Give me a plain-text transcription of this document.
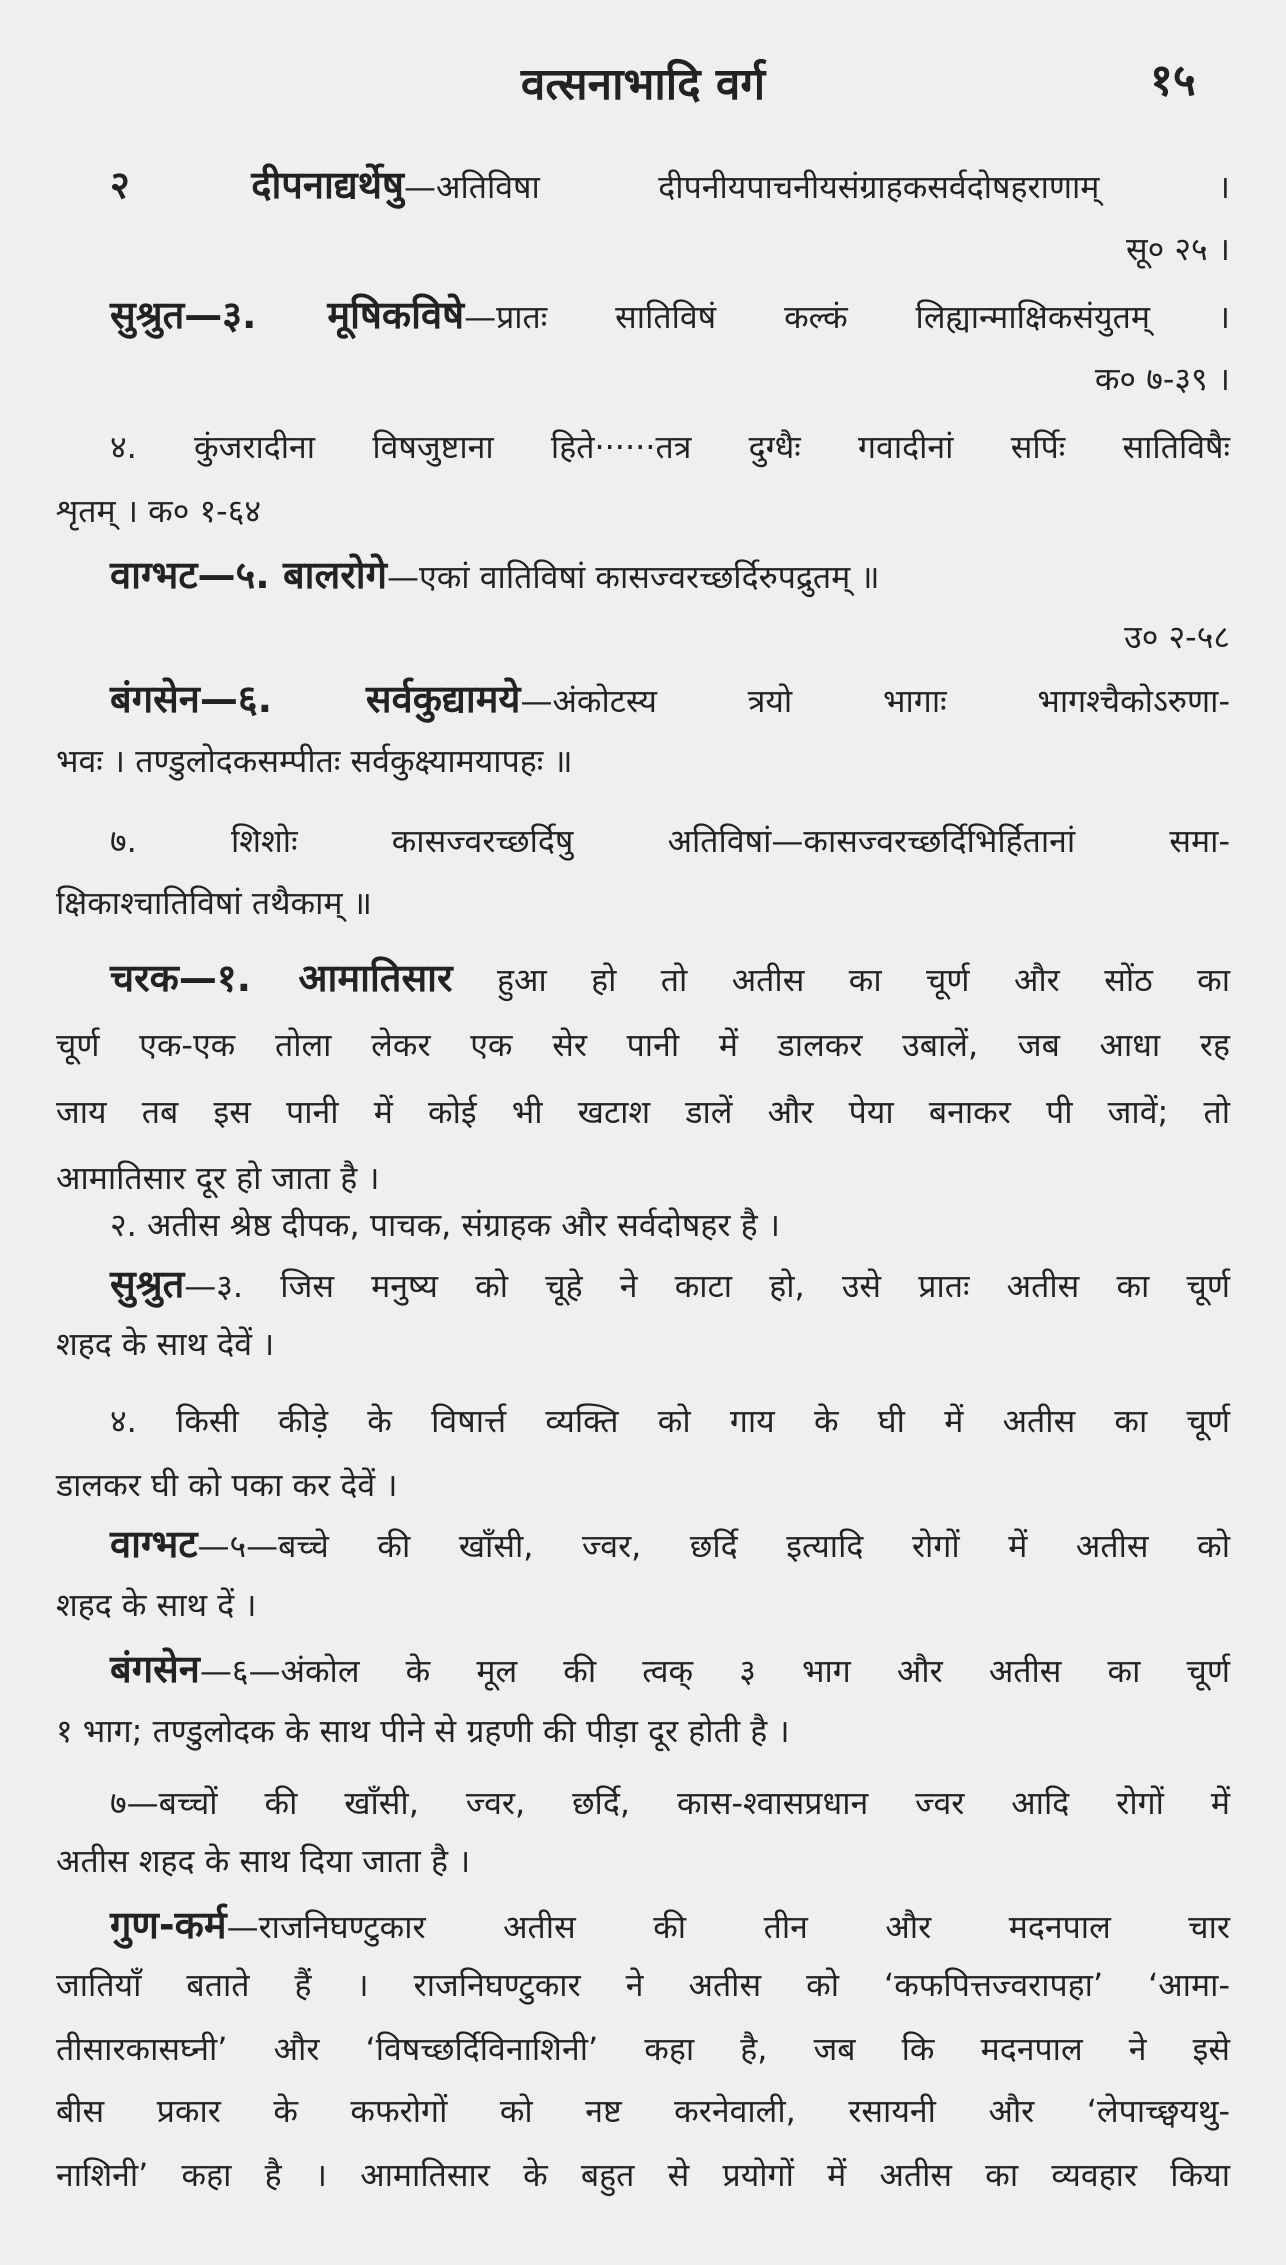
वत्सनाभादि वर्ग	१५
२ दीपनाद्यर्थेषु—अतिविषा दीपनीयपाचनीयसंग्राहकसर्वदोषहराणाम् ।
सू० २५ ।
सुश्रुत—३. मूषिकविषे—प्रातः सातिविषं कल्कं लिह्यान्माक्षिकसंयुतम् ।
क० ७-३९ ।
४. कुंजरादीना विषजुष्टाना हिते······तत्र दुग्धैः गवादीनां सर्पिः सातिविषैः
शृतम् । क० १-६४
वाग्भट—५. बालरोगे—एकां वातिविषां कासज्वरच्छर्दिरुपद्रुतम् ॥
उ० २-५८
बंगसेन—६. सर्वकुद्यामये—अंकोटस्य त्रयो भागाः भागश्चैकोऽरुणा-
भवः । तण्डुलोदकसम्पीतः सर्वकुक्ष्यामयापहः ॥
७. शिशोः कासज्वरच्छर्दिषु अतिविषां—कासज्वरच्छर्दिभिर्हितानां समा-
क्षिकाश्चातिविषां तथैकाम् ॥
चरक—१. आमातिसार हुआ हो तो अतीस का चूर्ण और सोंठ का
चूर्ण एक-एक तोला लेकर एक सेर पानी में डालकर उबालें, जब आधा रह
जाय तब इस पानी में कोई भी खटाश डालें और पेया बनाकर पी जावें; तो
आमातिसार दूर हो जाता है ।
२. अतीस श्रेष्ठ दीपक, पाचक, संग्राहक और सर्वदोषहर है ।
सुश्रुत—३. जिस मनुष्य को चूहे ने काटा हो, उसे प्रातः अतीस का चूर्ण
शहद के साथ देवें ।
४. किसी कीड़े के विषार्त्त व्यक्ति को गाय के घी में अतीस का चूर्ण
डालकर घी को पका कर देवें ।
वाग्भट—५—बच्चे की खाँसी, ज्वर, छर्दि इत्यादि रोगों में अतीस को
शहद के साथ दें ।
बंगसेन—६—अंकोल के मूल की त्वक् ३ भाग और अतीस का चूर्ण
१ भाग; तण्डुलोदक के साथ पीने से ग्रहणी की पीड़ा दूर होती है ।
७—बच्चों की खाँसी, ज्वर, छर्दि, कास-श्वासप्रधान ज्वर आदि रोगों में
अतीस शहद के साथ दिया जाता है ।
गुण-कर्म—राजनिघण्टुकार अतीस की तीन और मदनपाल चार
जातियाँ बताते हैं । राजनिघण्टुकार ने अतीस को ‘कफपित्तज्वरापहा’ ‘आमा-
तीसारकासघ्नी’ और ‘विषच्छर्दिविनाशिनी’ कहा है, जब कि मदनपाल ने इसे
बीस प्रकार के कफरोगों को नष्ट करनेवाली, रसायनी और ‘लेपाच्छ्वयथु-
नाशिनी’ कहा है । आमातिसार के बहुत से प्रयोगों में अतीस का व्यवहार किया
